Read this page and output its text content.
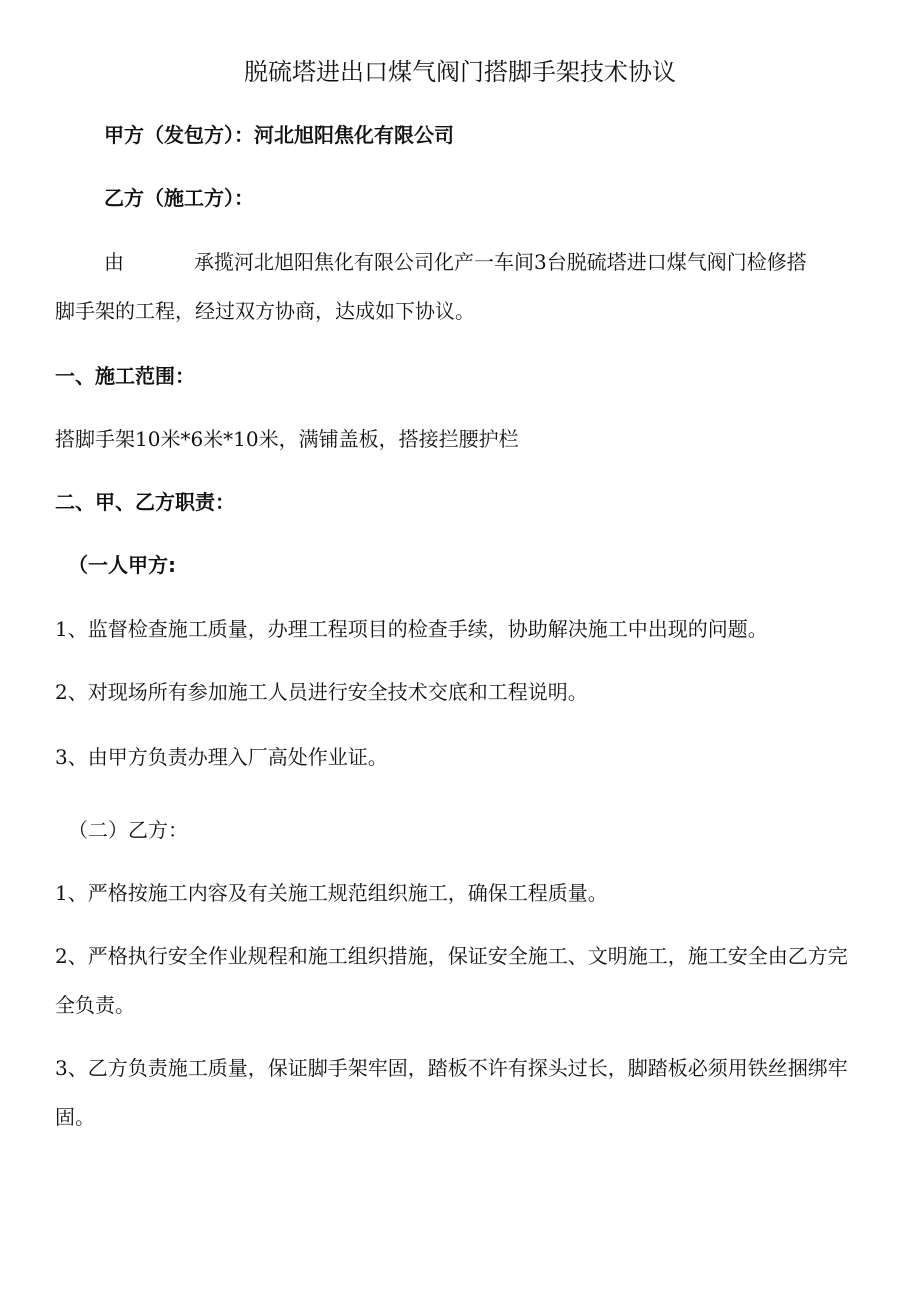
脱硫塔进出口煤气阀门搭脚手架技术协议
甲方（发包方）：河北旭阳焦化有限公司
乙方（施工方）：
由	承揽河北旭阳焦化有限公司化产一车间3台脱硫塔进口煤气阀门检修搭
脚手架的工程，经过双方协商，达成如下协议。
一、施工范围：
搭脚手架10米*6米*10米，满铺盖板，搭接拦腰护栏
二、甲、乙方职责：
（一人甲方:
1、监督检查施工质量，办理工程项目的检查手续，协助解决施工中出现的问题。
2、对现场所有参加施工人员进行安全技术交底和工程说明。
3、由甲方负责办理入厂高处作业证。
（二）乙方：
1、严格按施工内容及有关施工规范组织施工，确保工程质量。
2、严格执行安全作业规程和施工组织措施，保证安全施工、文明施工，施工安全由乙方完
全负责。
3、乙方负责施工质量，保证脚手架牢固，踏板不许有探头过长，脚踏板必须用铁丝捆绑牢
固。
